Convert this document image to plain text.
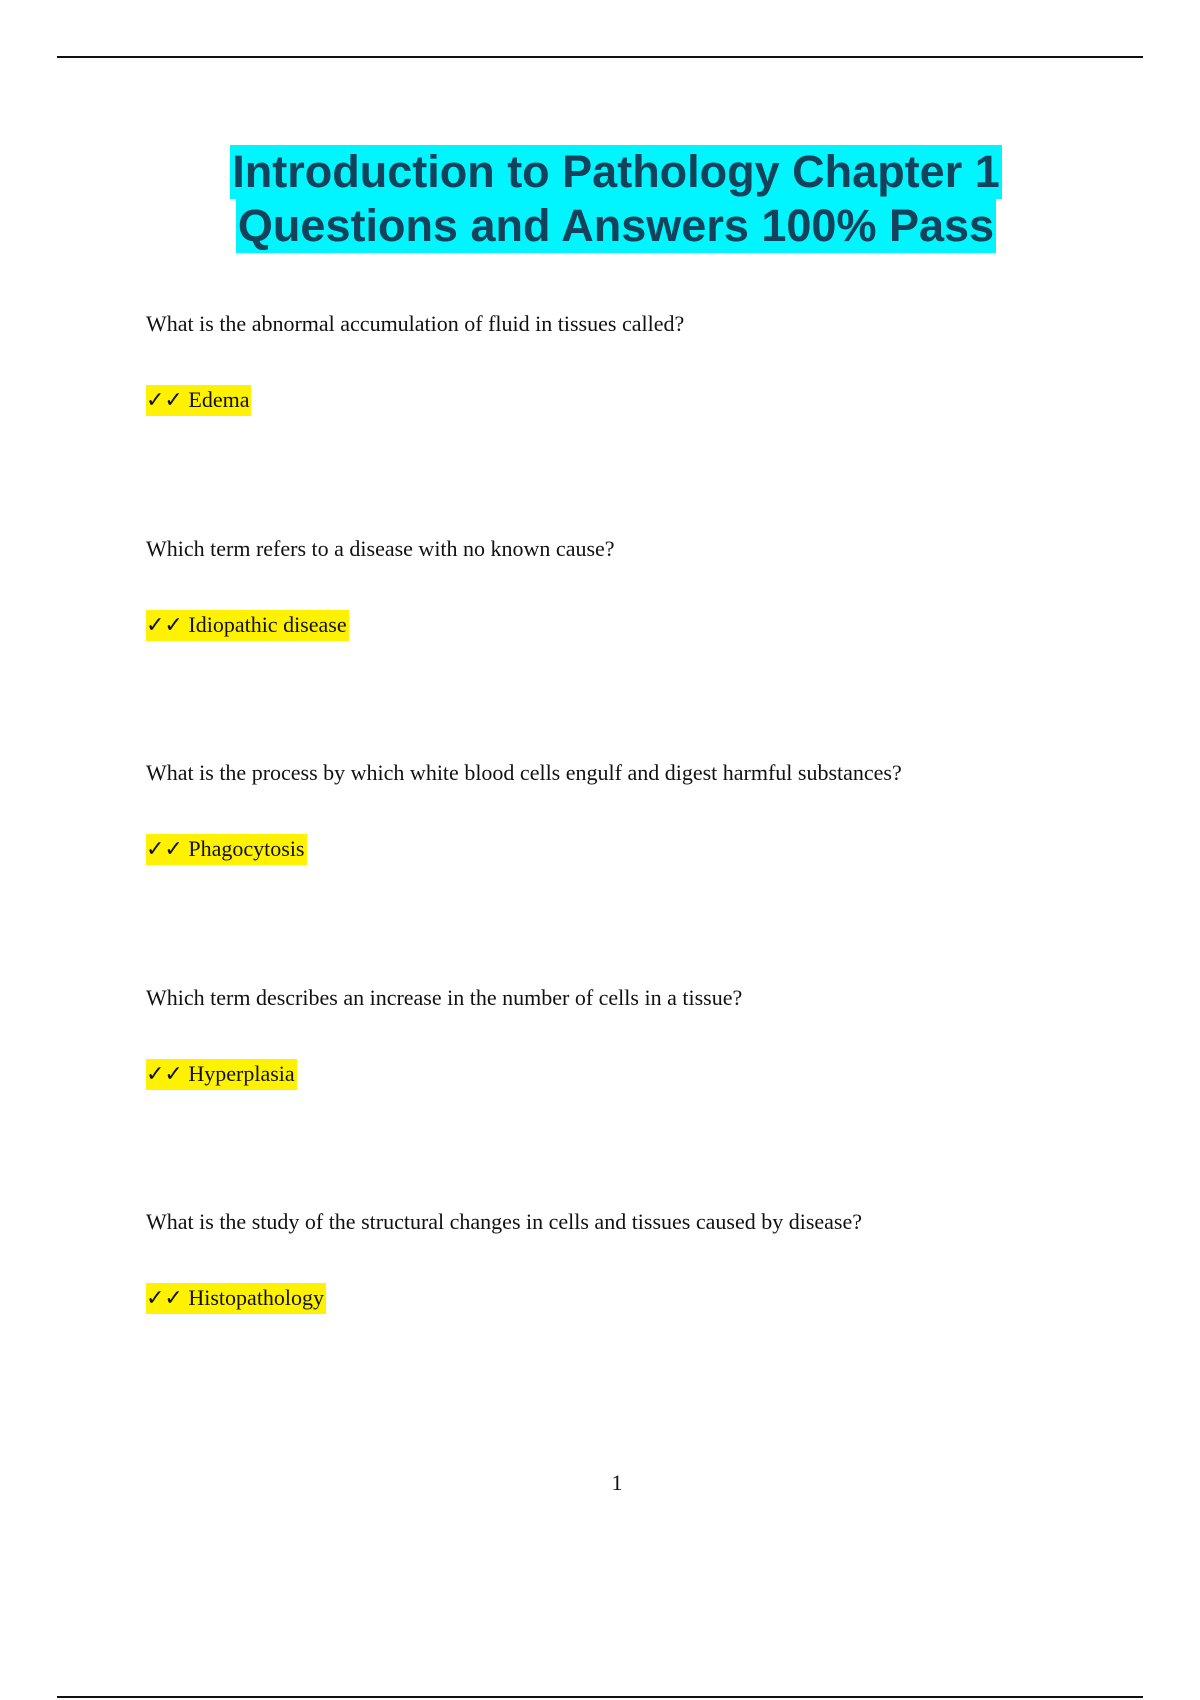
Introduction to Pathology Chapter 1
Questions and Answers 100% Pass
What is the abnormal accumulation of fluid in tissues called?
✓✓ Edema
Which term refers to a disease with no known cause?
✓✓ Idiopathic disease
What is the process by which white blood cells engulf and digest harmful substances?
✓✓ Phagocytosis
Which term describes an increase in the number of cells in a tissue?
✓✓ Hyperplasia
What is the study of the structural changes in cells and tissues caused by disease?
✓✓ Histopathology
1
